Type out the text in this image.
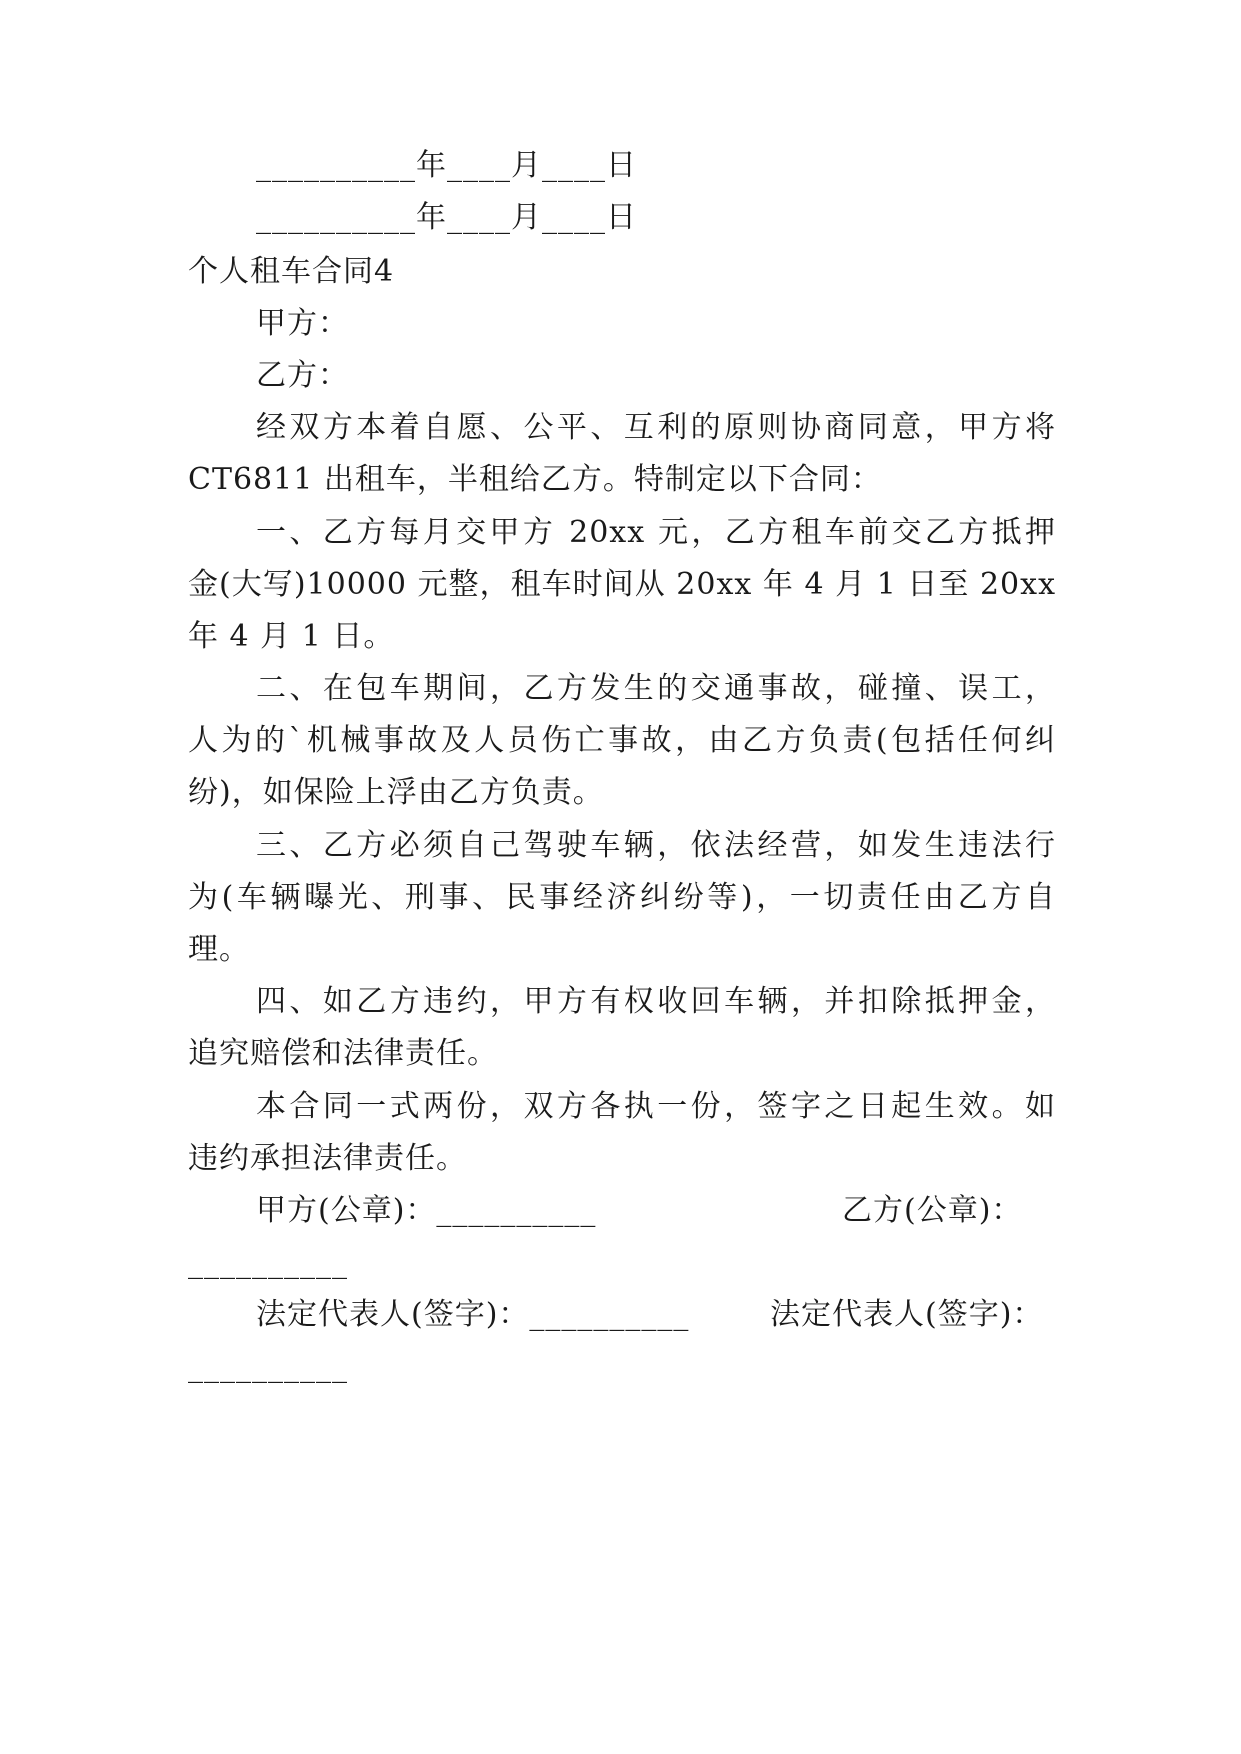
__________年____月____日
__________年____月____日
个人租车合同4
甲方：
乙方：
经双方本着自愿、公平、互利的原则协商同意，甲方将
CT6811 出租车，半租给乙方。特制定以下合同：
一、乙方每月交甲方 20xx 元，乙方租车前交乙方抵押
金(大写)10000 元整，租车时间从 20xx 年 4 月 1 日至 20xx
年 4 月 1 日。
二、在包车期间，乙方发生的交通事故，碰撞、误工，
人为的`机械事故及人员伤亡事故，由乙方负责(包括任何纠
纷)，如保险上浮由乙方负责。
三、乙方必须自己驾驶车辆，依法经营，如发生违法行
为(车辆曝光、刑事、民事经济纠纷等)，一切责任由乙方自
理。
四、如乙方违约，甲方有权收回车辆，并扣除抵押金，
追究赔偿和法律责任。
本合同一式两份，双方各执一份，签字之日起生效。如
违约承担法律责任。
甲方(公章)：__________	乙方(公章)：
__________
法定代表人(签字)：__________	法定代表人(签字)：
__________
